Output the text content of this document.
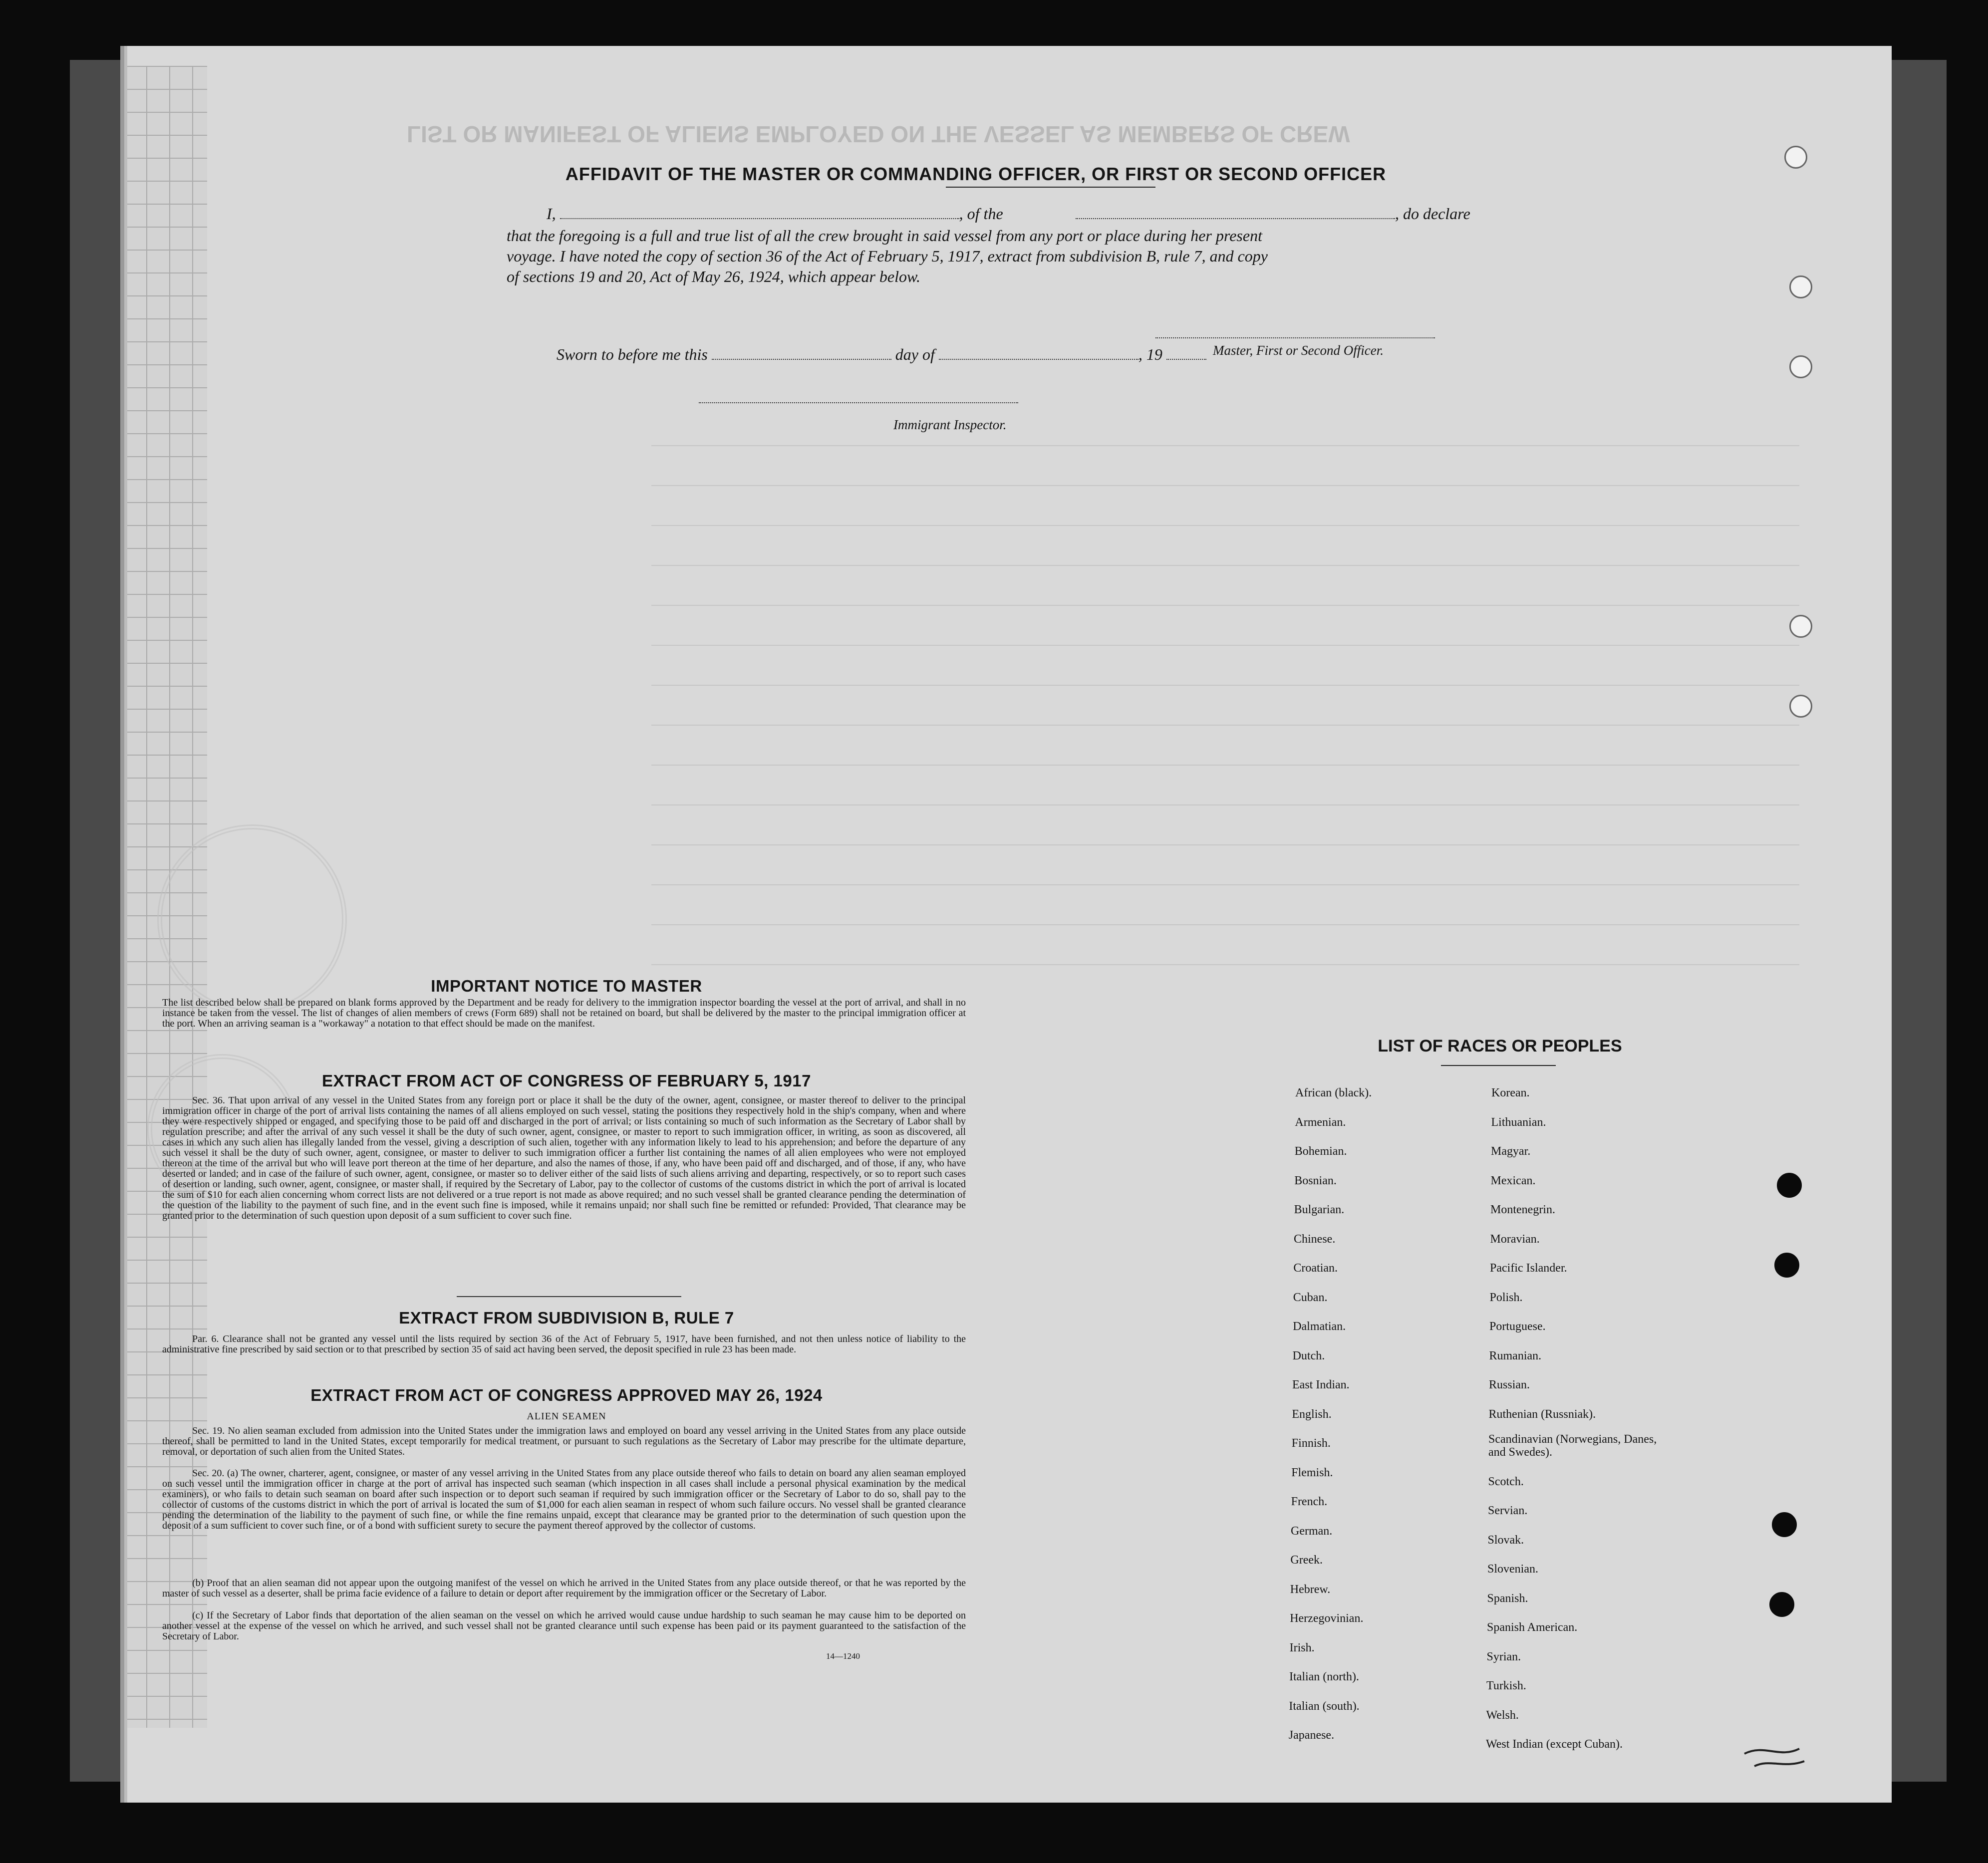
LIST OR MANIFEST OF ALIENS EMPLOYED ON THE VESSEL AS MEMBERS OF CREW
AFFIDAVIT OF THE MASTER OR COMMANDING OFFICER, OR FIRST OR SECOND OFFICER
I,	, of the
that the foregoing is a full and true list of all the crew brought in said vessel from any port or place during her present
, do declare
voyage. I have noted the copy of section 36 of the Act of February 5, 1917, extract from subdivision B, rule 7, and copy
of sections 19 and 20, Act of May 26, 1924, which appear below.
Master, First or Second Officer.
Sworn to before me this	day of	, 19
Immigrant Inspector.
IMPORTANT NOTICE TO MASTER
The list described below shall be prepared on blank forms approved by the Department and be ready for delivery to the immigration inspector boarding the vessel at the port of arrival, and shall in no instance be taken from the vessel. The list of changes of alien members of crews (Form 689) shall not be retained on board, but shall be delivered by the master to the principal immigration officer at the port. When an arriving seaman is a "workaway" a notation to that effect should be made on the manifest.
EXTRACT FROM ACT OF CONGRESS OF FEBRUARY 5, 1917
Sec. 36. That upon arrival of any vessel in the United States from any foreign port or place it shall be the duty of the owner, agent, consignee, or master thereof to deliver to the principal immigration officer in charge of the port of arrival lists containing the names of all aliens employed on such vessel, stating the positions they respectively hold in the ship's company, when and where they were respectively shipped or engaged, and specifying those to be paid off and discharged in the port of arrival; or lists containing so much of such information as the Secretary of Labor shall by regulation prescribe; and after the arrival of any such vessel it shall be the duty of such owner, agent, consignee, or master to report to such immigration officer, in writing, as soon as discovered, all cases in which any such alien has illegally landed from the vessel, giving a description of such alien, together with any information likely to lead to his apprehension; and before the departure of any such vessel it shall be the duty of such owner, agent, consignee, or master to deliver to such immigration officer a further list containing the names of all alien employees who were not employed thereon at the time of the arrival but who will leave port thereon at the time of her departure, and also the names of those, if any, who have been paid off and discharged, and of those, if any, who have deserted or landed; and in case of the failure of such owner, agent, consignee, or master so to deliver either of the said lists of such aliens arriving and departing, respectively, or so to report such cases of desertion or landing, such owner, agent, consignee, or master shall, if required by the Secretary of Labor, pay to the collector of customs of the customs district in which the port of arrival is located the sum of $10 for each alien concerning whom correct lists are not delivered or a true report is not made as above required; and no such vessel shall be granted clearance pending the determination of the question of the liability to the payment of such fine, and in the event such fine is imposed, while it remains unpaid; nor shall such fine be remitted or refunded: Provided, That clearance may be granted prior to the determination of such question upon deposit of a sum sufficient to cover such fine.
EXTRACT FROM SUBDIVISION B, RULE 7
Par. 6. Clearance shall not be granted any vessel until the lists required by section 36 of the Act of February 5, 1917, have been furnished, and not then unless notice of liability to the administrative fine prescribed by said section or to that prescribed by section 35 of said act having been served, the deposit specified in rule 23 has been made.
EXTRACT FROM ACT OF CONGRESS APPROVED MAY 26, 1924
ALIEN SEAMEN
Sec. 19. No alien seaman excluded from admission into the United States under the immigration laws and employed on board any vessel arriving in the United States from any place outside thereof, shall be permitted to land in the United States, except temporarily for medical treatment, or pursuant to such regulations as the Secretary of Labor may prescribe for the ultimate departure, removal, or deportation of such alien from the United States.
Sec. 20. (a) The owner, charterer, agent, consignee, or master of any vessel arriving in the United States from any place outside thereof who fails to detain on board any alien seaman employed on such vessel until the immigration officer in charge at the port of arrival has inspected such seaman (which inspection in all cases shall include a personal physical examination by the medical examiners), or who fails to detain such seaman on board after such inspection or to deport such seaman if required by such immigration officer or the Secretary of Labor to do so, shall pay to the collector of customs of the customs district in which the port of arrival is located the sum of $1,000 for each alien seaman in respect of whom such failure occurs. No vessel shall be granted clearance pending the determination of the liability to the payment of such fine, or while the fine remains unpaid, except that clearance may be granted prior to the determination of such question upon the deposit of a sum sufficient to cover such fine, or of a bond with sufficient surety to secure the payment thereof approved by the collector of customs.
(b) Proof that an alien seaman did not appear upon the outgoing manifest of the vessel on which he arrived in the United States from any place outside thereof, or that he was reported by the master of such vessel as a deserter, shall be prima facie evidence of a failure to detain or deport after requirement by the immigration officer or the Secretary of Labor.
(c) If the Secretary of Labor finds that deportation of the alien seaman on the vessel on which he arrived would cause undue hardship to such seaman he may cause him to be deported on another vessel at the expense of the vessel on which he arrived, and such vessel shall not be granted clearance until such expense has been paid or its payment guaranteed to the satisfaction of the Secretary of Labor.
14—1240
LIST OF RACES OR PEOPLES
African (black).
Armenian.
Bohemian.
Bosnian.
Bulgarian.
Chinese.
Croatian.
Cuban.
Dalmatian.
Dutch.
East Indian.
English.
Finnish.
Flemish.
French.
German.
Greek.
Hebrew.
Herzegovinian.
Irish.
Italian (north).
Italian (south).
Japanese.
Korean.
Lithuanian.
Magyar.
Mexican.
Montenegrin.
Moravian.
Pacific Islander.
Polish.
Portuguese.
Rumanian.
Russian.
Ruthenian (Russniak).
Scandinavian (Norwegians, Danes, and Swedes).
Scotch.
Servian.
Slovak.
Slovenian.
Spanish.
Spanish American.
Syrian.
Turkish.
Welsh.
West Indian (except Cuban).
